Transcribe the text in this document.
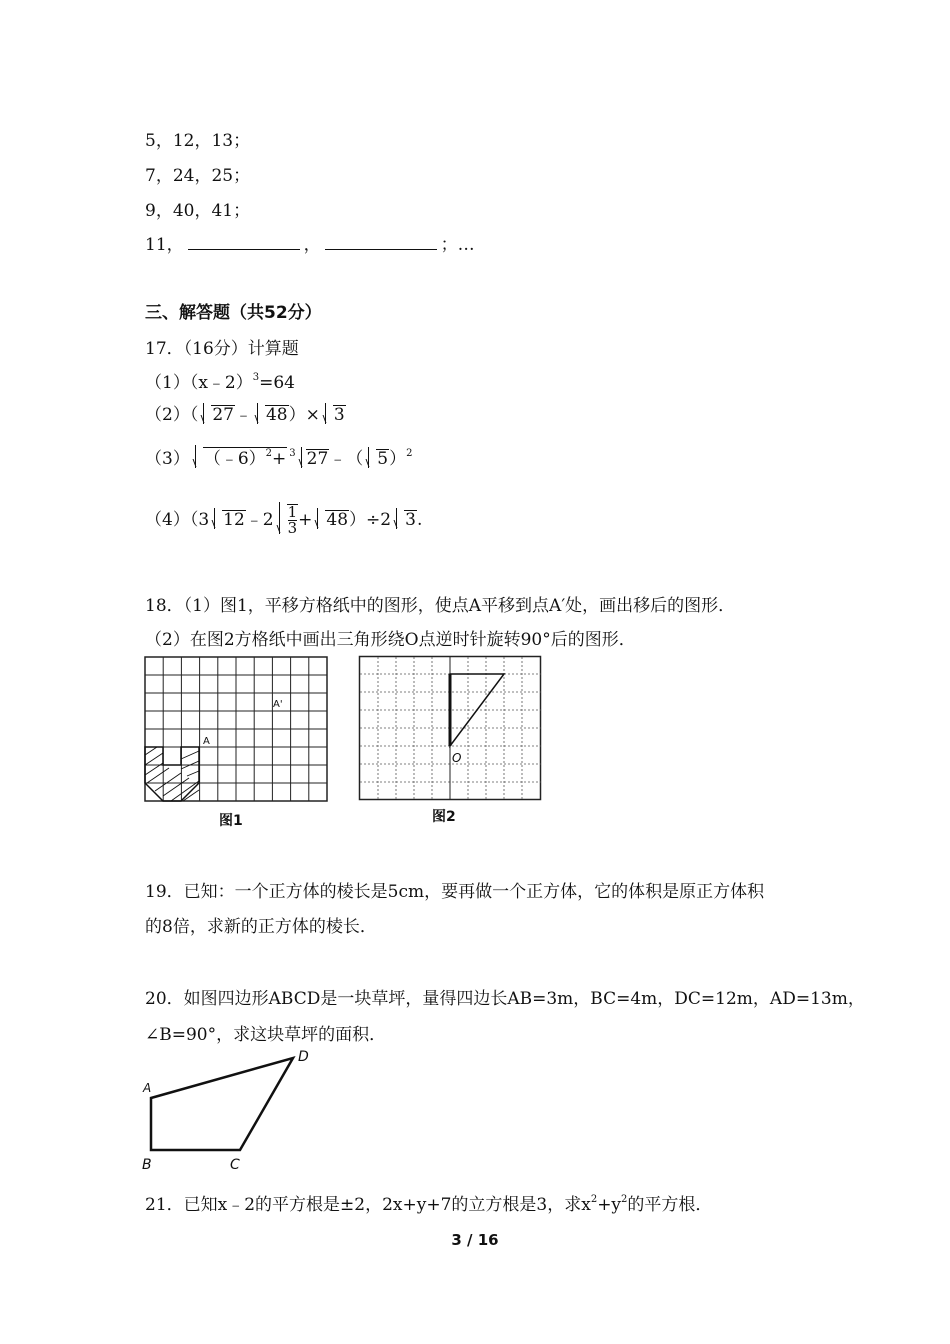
5，12，13；
7，24，25；
9，40，41；
11，	，	；…
三、解答题（共52分）
17．（16分）计算题
（1）（x﹣2）$^3$=64
（2）（ 27﹣ 48）× 3
（3） （﹣6）$^2$+ $^3$ 27﹣（ 5）$^2$
（4）（3 12﹣2 $\frac{1}{3} + 48)\div 2$ 3.
18．（1）图1，平移方格纸中的图形，使点A平移到点A′处，画出移后的图形．
（2）在图2方格纸中画出三角形绕O点逆时针旋转90°后的图形．
A
A'
图1
O
图2
19．已知：一个正方体的棱长是5cm，要再做一个正方体，它的体积是原正方体积
的8倍，求新的正方体的棱长．
20．如图四边形ABCD是一块草坪，量得四边长AB=3m，BC=4m，DC=12m，AD=13m，
∠B=90°，求这块草坪的面积．
A
B	C
D
21．已知x﹣2的平方根是±2，2x+y+7的立方根是3，求$x^2+y^2$的平方根．
3 / 16
